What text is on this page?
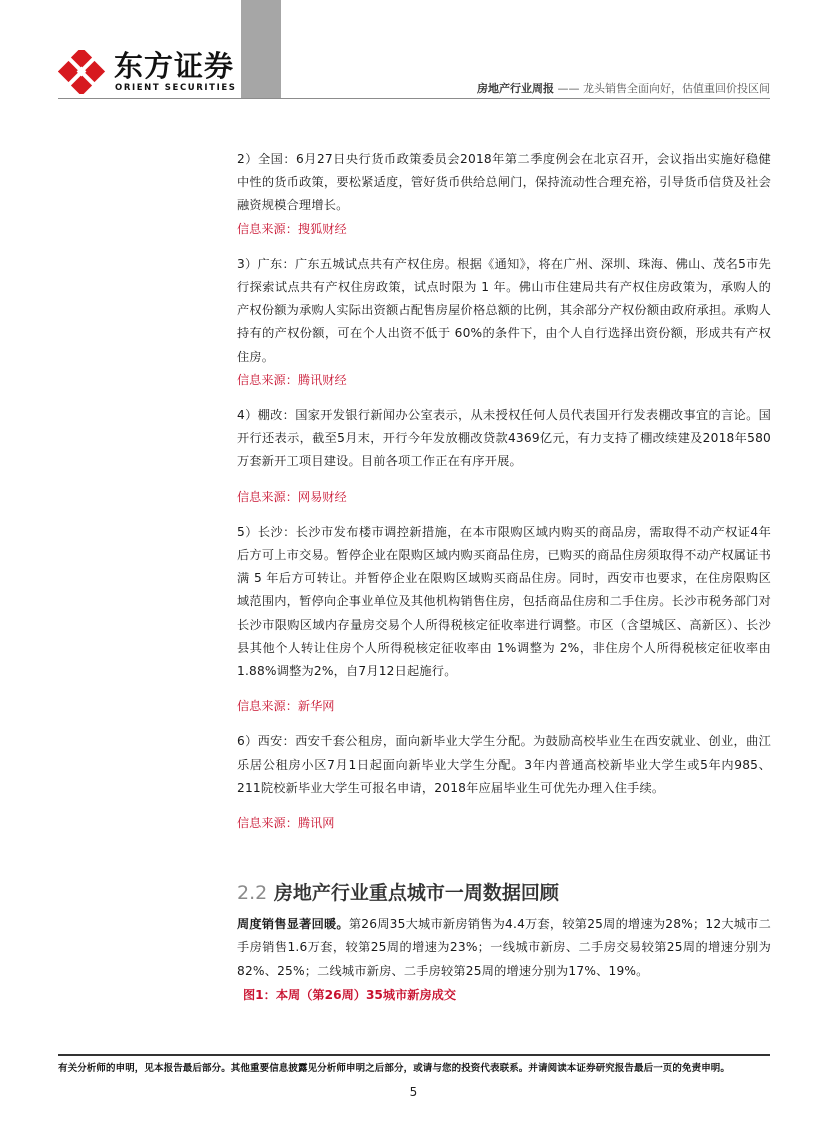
东方证券
ORIENT SECURITIES	房地产行业周报 —— 龙头销售全面向好，估值重回价投区间

2）全国：6月27日央行货币政策委员会2018年第二季度例会在北京召开，会议指出实施好稳健中性的货币政策，要松紧适度，管好货币供给总闸门，保持流动性合理充裕，引导货币信贷及社会融资规模合理增长。

信息来源：搜狐财经

3）广东：广东五城试点共有产权住房。根据《通知》，将在广州、深圳、珠海、佛山、茂名5市先行探索试点共有产权住房政策，试点时限为 1 年。佛山市住建局共有产权住房政策为，承购人的产权份额为承购人实际出资额占配售房屋价格总额的比例，其余部分产权份额由政府承担。承购人持有的产权份额，可在个人出资不低于 60%的条件下，由个人自行选择出资份额，形成共有产权住房。

信息来源：腾讯财经

4）棚改：国家开发银行新闻办公室表示，从未授权任何人员代表国开行发表棚改事宜的言论。国开行还表示，截至5月末，开行今年发放棚改贷款4369亿元，有力支持了棚改续建及2018年580万套新开工项目建设。目前各项工作正在有序开展。

信息来源：网易财经

5）长沙：长沙市发布楼市调控新措施，在本市限购区域内购买的商品房，需取得不动产权证4年后方可上市交易。暂停企业在限购区域内购买商品住房，已购买的商品住房须取得不动产权属证书满 5 年后方可转让。并暂停企业在限购区域购买商品住房。同时，西安市也要求，在住房限购区域范围内，暂停向企事业单位及其他机构销售住房，包括商品住房和二手住房。长沙市税务部门对长沙市限购区域内存量房交易个人所得税核定征收率进行调整。市区（含望城区、高新区）、长沙县其他个人转让住房个人所得税核定征收率由 1%调整为 2%，非住房个人所得税核定征收率由1.88%调整为2%，自7月12日起施行。

信息来源：新华网

6）西安：西安千套公租房，面向新毕业大学生分配。为鼓励高校毕业生在西安就业、创业，曲江乐居公租房小区7月1日起面向新毕业大学生分配。3年内普通高校新毕业大学生或5年内985、211院校新毕业大学生可报名申请，2018年应届毕业生可优先办理入住手续。

信息来源：腾讯网

2.2 房地产行业重点城市一周数据回顾

周度销售显著回暖。第26周35大城市新房销售为4.4万套，较第25周的增速为28%；12大城市二手房销售1.6万套，较第25周的增速为23%；一线城市新房、二手房交易较第25周的增速分别为82%、25%；二线城市新房、二手房较第25周的增速分别为17%、19%。

图1：本周（第26周）35城市新房成交

有关分析师的申明，见本报告最后部分。其他重要信息披露见分析师申明之后部分，或请与您的投资代表联系。并请阅读本证券研究报告最后一页的免责申明。
5
